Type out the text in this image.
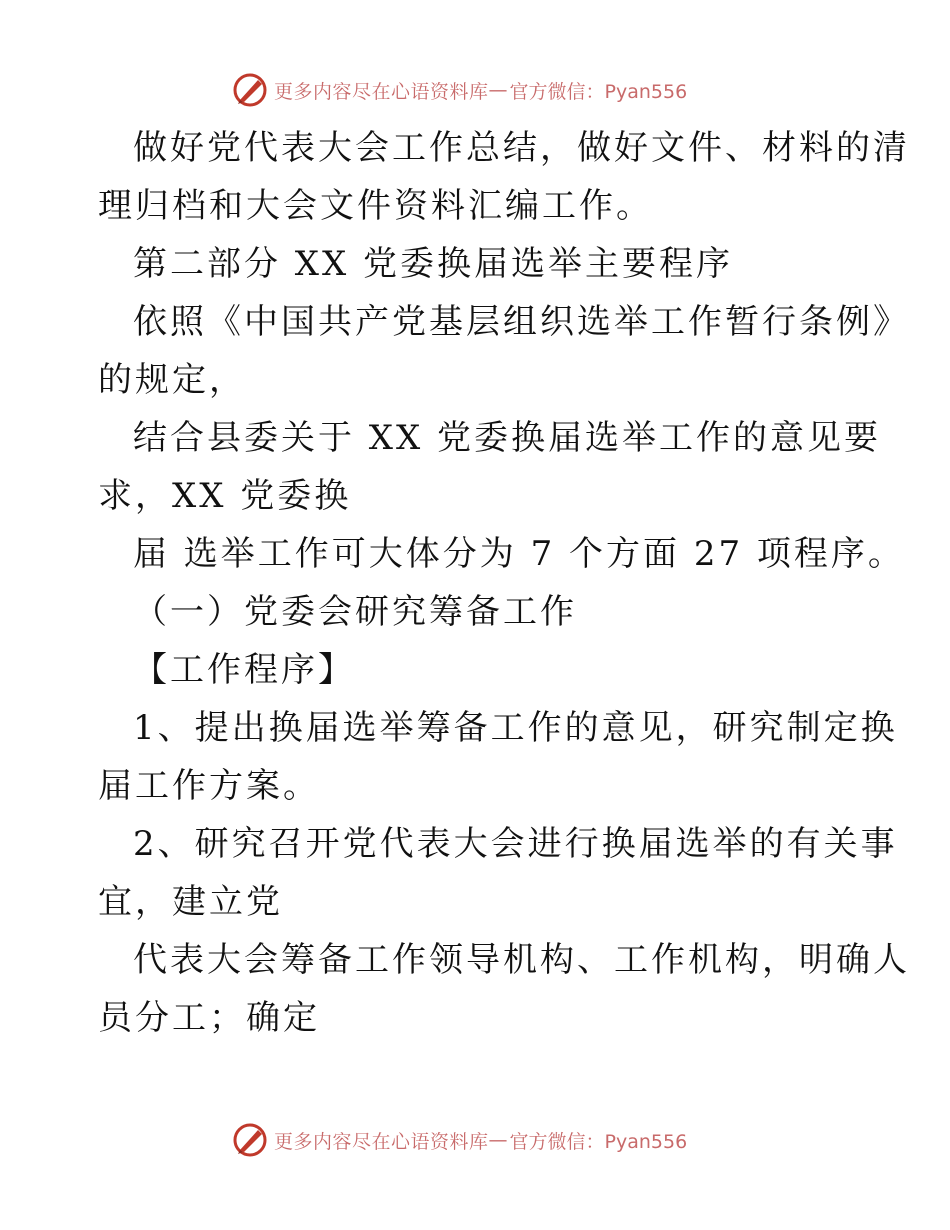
更多内容尽在心语资料库 — 官方微信：Pyan556
做好党代表大会工作总结，做好文件、材料的清
理归档和大会文件资料汇编工作。
第二部分 XX 党委换届选举主要程序
依照《中国共产党基层组织选举工作暂行条例》
的规定，
结合县委关于 XX 党委换届选举工作的意见要
求，XX 党委换
届 选举工作可大体分为 7 个方面 27 项程序。
（一）党委会研究筹备工作
【工作程序】
1、提出换届选举筹备工作的意见，研究制定换
届工作方案。
2、研究召开党代表大会进行换届选举的有关事
宜，建立党
代表大会筹备工作领导机构、工作机构，明确人
员分工；确定
更多内容尽在心语资料库 — 官方微信：Pyan556
